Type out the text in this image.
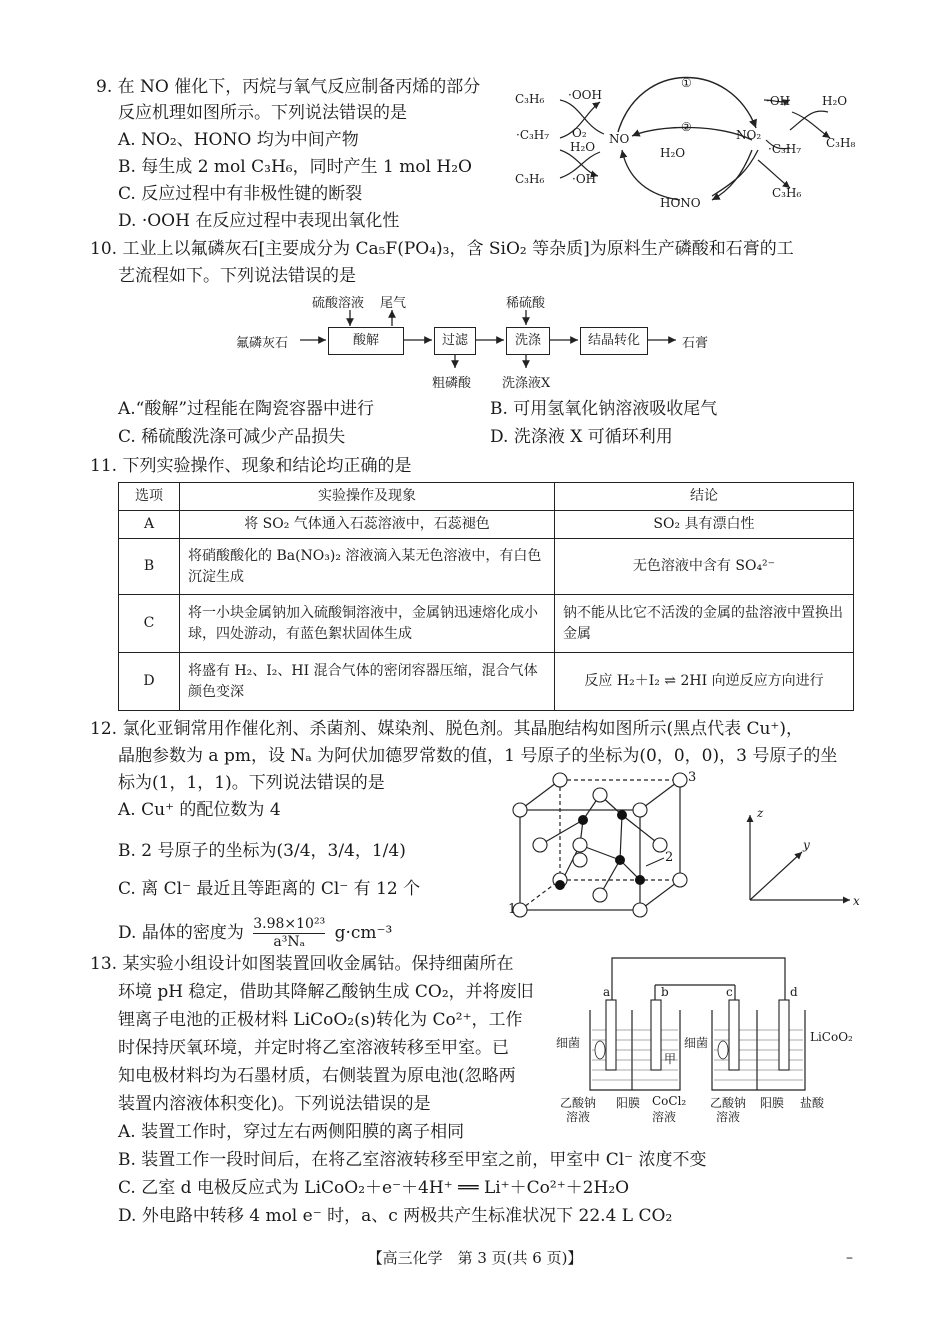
9. 在 NO 催化下，丙烷与氧气反应制备丙烯的部分
反应机理如图所示。下列说法错误的是
A. NO₂、HONO 均为中间产物
B. 每生成 2 mol C₃H₆，同时产生 1 mol H₂O
C. 反应过程中有非极性键的断裂
D. ·OOH 在反应过程中表现出氧化性
C₃H₆ ·OOH
·C₃H₇ O₂
H₂O
C₃H₆ ·OH
NO	NO₂
①
②
H₂O
HONO
·C₃H₇
C₃H₆
·OH	H₂O
C₃H₈
10. 工业上以氟磷灰石[主要成分为 Ca₅F(PO₄)₃，含 SiO₂ 等杂质]为原料生产磷酸和石膏的工
艺流程如下。下列说法错误的是
氟磷灰石
硫酸溶液 尾气
酸解	过滤
粗磷酸
稀硫酸
洗涤
洗涤液X
结晶转化	石膏
A.“酸解”过程能在陶瓷容器中进行	B. 可用氢氧化钠溶液吸收尾气
C. 稀硫酸洗涤可减少产品损失	D. 洗涤液 X 可循环利用
11. 下列实验操作、现象和结论均正确的是
选项	实验操作及现象	结论
A	将 SO₂ 气体通入石蕊溶液中，石蕊褪色	SO₂ 具有漂白性
B	将硝酸酸化的 Ba(NO₃)₂ 溶液滴入某无色溶液中，有白色沉淀生成	无色溶液中含有 SO₄²⁻
C	将一小块金属钠加入硫酸铜溶液中，金属钠迅速熔化成小球，四处游动，有蓝色絮状固体生成	钠不能从比它不活泼的金属的盐溶液中置换出金属
D	将盛有 H₂、I₂、HI 混合气体的密闭容器压缩，混合气体颜色变深	反应 H₂＋I₂ ⇌ 2HI 向逆反应方向进行
12. 氯化亚铜常用作催化剂、杀菌剂、媒染剂、脱色剂。其晶胞结构如图所示(黑点代表 Cu⁺)，
晶胞参数为 a pm，设 Nₐ 为阿伏加德罗常数的值，1 号原子的坐标为(0，0，0)，3 号原子的坐
标为(1，1，1)。下列说法错误的是
A. Cu⁺ 的配位数为 4
B. 2 号原子的坐标为(3/4，3/4，1/4)
C. 离 Cl⁻ 最近且等距离的 Cl⁻ 有 12 个
D. 晶体的密度为 $\frac{\text{3.98×10²³}}{\text{a³Nₐ}} g\cdot cm^{-3}$
1
2
3
x
y
z
13. 某实验小组设计如图装置回收金属钴。保持细菌所在
环境 pH 稳定，借助其降解乙酸钠生成 CO₂，并将废旧
锂离子电池的正极材料 LiCoO₂(s)转化为 Co²⁺，工作
时保持厌氧环境，并定时将乙室溶液转移至甲室。已
知电极材料均为石墨材质，右侧装置为原电池(忽略两
装置内溶液体积变化)。下列说法错误的是
A. 装置工作时，穿过左右两侧阳膜的离子相同
B. 装置工作一段时间后，在将乙室溶液转移至甲室之前，甲室中 Cl⁻ 浓度不变
C. 乙室 d 电极反应式为 LiCoO₂＋e⁻＋4H⁺ ══ Li⁺＋Co²⁺＋2H₂O
D. 外电路中转移 4 mol e⁻ 时，a、c 两极共产生标准状况下 22.4 L CO₂
a	b	c	d
细菌	细菌
甲
LiCoO₂
乙酸钠
溶液
阳膜 CoCl₂
溶液
乙酸钠
溶液
阳膜 盐酸
【高三化学　第 3 页(共 6 页)】	–
